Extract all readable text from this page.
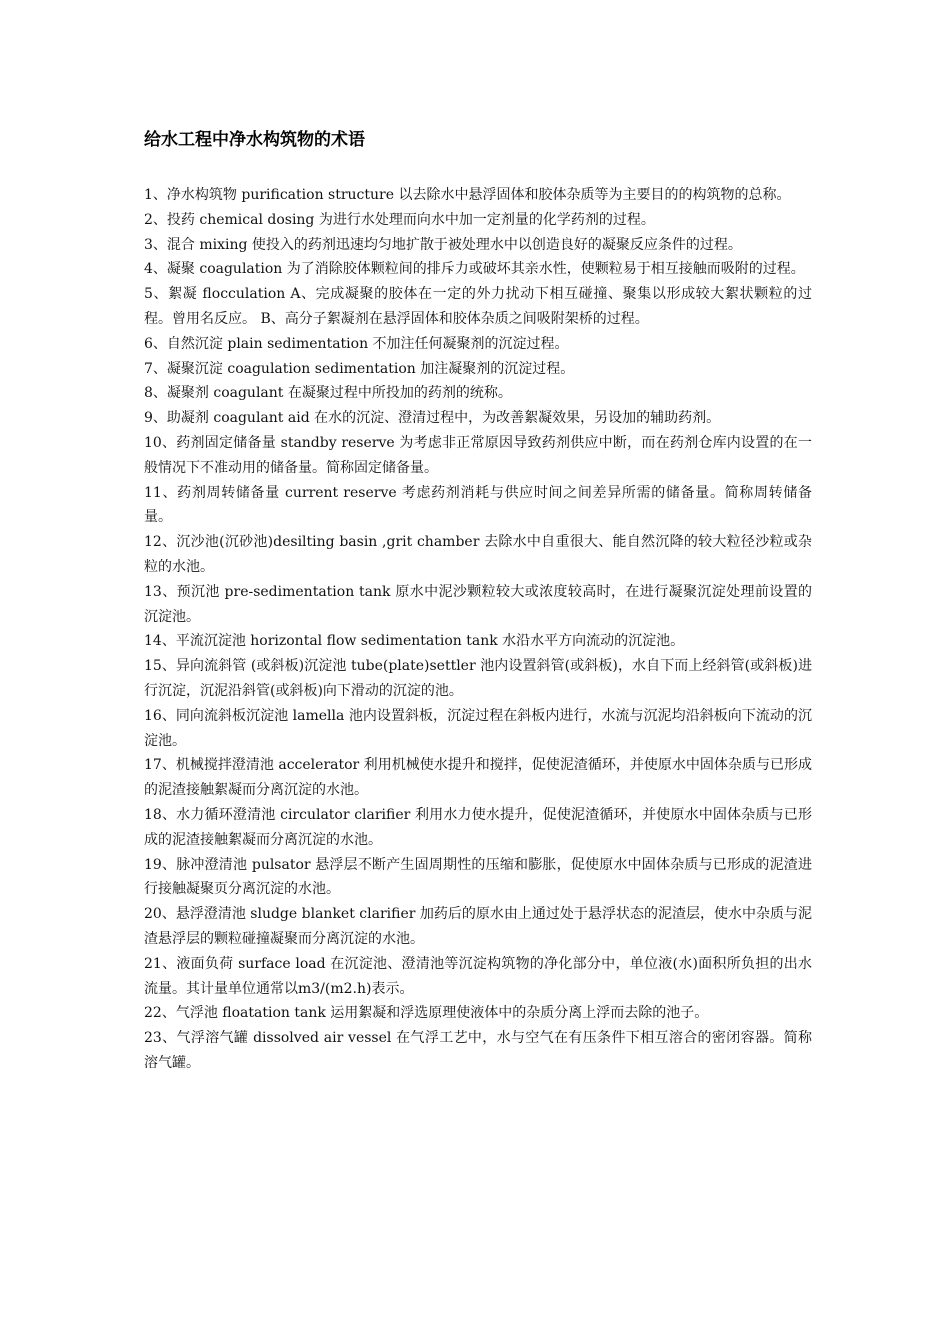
给水工程中净水构筑物的术语
1、净水构筑物 purification structure 以去除水中悬浮固体和胶体杂质等为主要目的的构筑物的总称。
2、投药 chemical dosing 为进行水处理而向水中加一定剂量的化学药剂的过程。
3、混合 mixing 使投入的药剂迅速均匀地扩散于被处理水中以创造良好的凝聚反应条件的过程。
4、凝聚 coagulation 为了消除胶体颗粒间的排斥力或破坏其亲水性，使颗粒易于相互接触而吸附的过程。
5、絮凝 flocculation A、完成凝聚的胶体在一定的外力扰动下相互碰撞、聚集以形成较大絮状颗粒的过程。曾用名反应。 B、高分子絮凝剂在悬浮固体和胶体杂质之间吸附架桥的过程。
6、自然沉淀 plain sedimentation 不加注任何凝聚剂的沉淀过程。
7、凝聚沉淀 coagulation sedimentation 加注凝聚剂的沉淀过程。
8、凝聚剂 coagulant 在凝聚过程中所投加的药剂的统称。
9、助凝剂 coagulant aid 在水的沉淀、澄清过程中，为改善絮凝效果，另设加的辅助药剂。
10、药剂固定储备量 standby reserve 为考虑非正常原因导致药剂供应中断，而在药剂仓库内设置的在一般情况下不准动用的储备量。简称固定储备量。
11、药剂周转储备量 current reserve 考虑药剂消耗与供应时间之间差异所需的储备量。简称周转储备量。
12、沉沙池(沉砂池)desilting basin ,grit chamber 去除水中自重很大、能自然沉降的较大粒径沙粒或杂粒的水池。
13、预沉池 pre-sedimentation tank 原水中泥沙颗粒较大或浓度较高时，在进行凝聚沉淀处理前设置的沉淀池。
14、平流沉淀池 horizontal flow sedimentation tank 水沿水平方向流动的沉淀池。
15、异向流斜管 (或斜板)沉淀池 tube(plate)settler 池内设置斜管(或斜板)，水自下而上经斜管(或斜板)进行沉淀，沉泥沿斜管(或斜板)向下滑动的沉淀的池。
16、同向流斜板沉淀池 lamella 池内设置斜板，沉淀过程在斜板内进行，水流与沉泥均沿斜板向下流动的沉淀池。
17、机械搅拌澄清池 accelerator 利用机械使水提升和搅拌，促使泥渣循环，并使原水中固体杂质与已形成的泥渣接触絮凝而分离沉淀的水池。
18、水力循环澄清池 circulator clarifier 利用水力使水提升，促使泥渣循环，并使原水中固体杂质与已形成的泥渣接触絮凝而分离沉淀的水池。
19、脉冲澄清池 pulsator 悬浮层不断产生固周期性的压缩和膨胀，促使原水中固体杂质与已形成的泥渣进行接触凝聚页分离沉淀的水池。
20、悬浮澄清池 sludge blanket clarifier 加药后的原水由上通过处于悬浮状态的泥渣层，使水中杂质与泥渣悬浮层的颗粒碰撞凝聚而分离沉淀的水池。
21、液面负荷 surface load 在沉淀池、澄清池等沉淀构筑物的净化部分中，单位液(水)面积所负担的出水流量。其计量单位通常以m3/(m2.h)表示。
22、气浮池 floatation tank 运用絮凝和浮选原理使液体中的杂质分离上浮而去除的池子。
23、气浮溶气罐 dissolved air vessel 在气浮工艺中，水与空气在有压条件下相互溶合的密闭容器。简称溶气罐。
